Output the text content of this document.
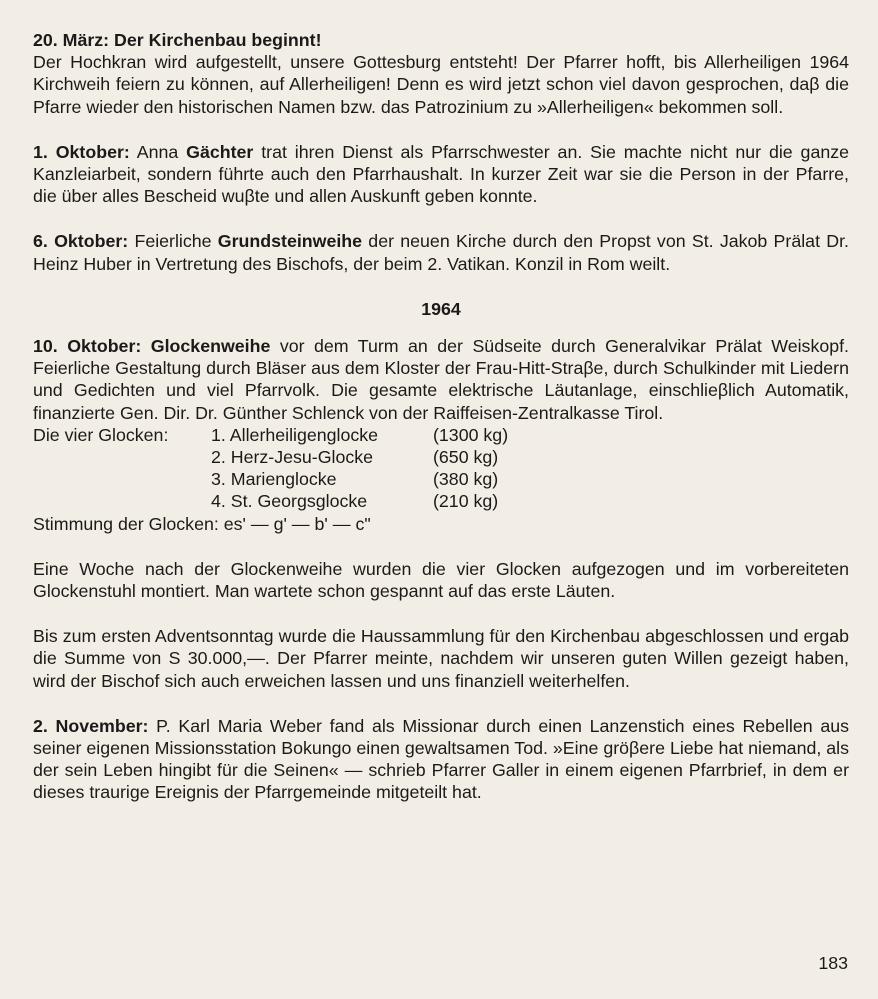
20. März: Der Kirchenbau beginnt!
Der Hochkran wird aufgestellt, unsere Gottesburg entsteht! Der Pfarrer hofft, bis Allerheiligen 1964 Kirchweih feiern zu können, auf Allerheiligen! Denn es wird jetzt schon viel davon gesprochen, daβ die Pfarre wieder den historischen Namen bzw. das Patrozinium zu »Allerheiligen« bekommen soll.

1. Oktober: Anna Gächter trat ihren Dienst als Pfarrschwester an. Sie machte nicht nur die ganze Kanzleiarbeit, sondern führte auch den Pfarrhaushalt. In kurzer Zeit war sie die Person in der Pfarre, die über alles Bescheid wuβte und allen Auskunft geben konnte.

6. Oktober: Feierliche Grundsteinweihe der neuen Kirche durch den Propst von St. Jakob Prälat Dr. Heinz Huber in Vertretung des Bischofs, der beim 2. Vatikan. Konzil in Rom weilt.

1964

10. Oktober: Glockenweihe vor dem Turm an der Südseite durch Generalvikar Prälat Weiskopf. Feierliche Gestaltung durch Bläser aus dem Kloster der Frau-Hitt-Straβe, durch Schulkinder mit Liedern und Gedichten und viel Pfarrvolk. Die gesamte elektrische Läutanlage, einschlieβlich Automatik, finanzierte Gen. Dir. Dr. Günther Schlenck von der Raiffeisen-Zentralkasse Tirol.

Die vier Glocken:	1. Allerheiligenglocke	(1300 kg)
2. Herz-Jesu-Glocke	(650 kg)
3. Marienglocke	(380 kg)
4. St. Georgsglocke	(210 kg)

Stimmung der Glocken: es' — g' — b' — c"

Eine Woche nach der Glockenweihe wurden die vier Glocken aufgezogen und im vorbereiteten Glockenstuhl montiert. Man wartete schon gespannt auf das erste Läuten.

Bis zum ersten Adventsonntag wurde die Haussammlung für den Kirchenbau abgeschlossen und ergab die Summe von S 30.000,—. Der Pfarrer meinte, nachdem wir unseren guten Willen gezeigt haben, wird der Bischof sich auch erweichen lassen und uns finanziell weiterhelfen.

2. November: P. Karl Maria Weber fand als Missionar durch einen Lanzenstich eines Rebellen aus seiner eigenen Missionsstation Bokungo einen gewaltsamen Tod. »Eine gröβere Liebe hat niemand, als der sein Leben hingibt für die Seinen« — schrieb Pfarrer Galler in einem eigenen Pfarrbrief, in dem er dieses traurige Ereignis der Pfarrgemeinde mitgeteilt hat.

183
